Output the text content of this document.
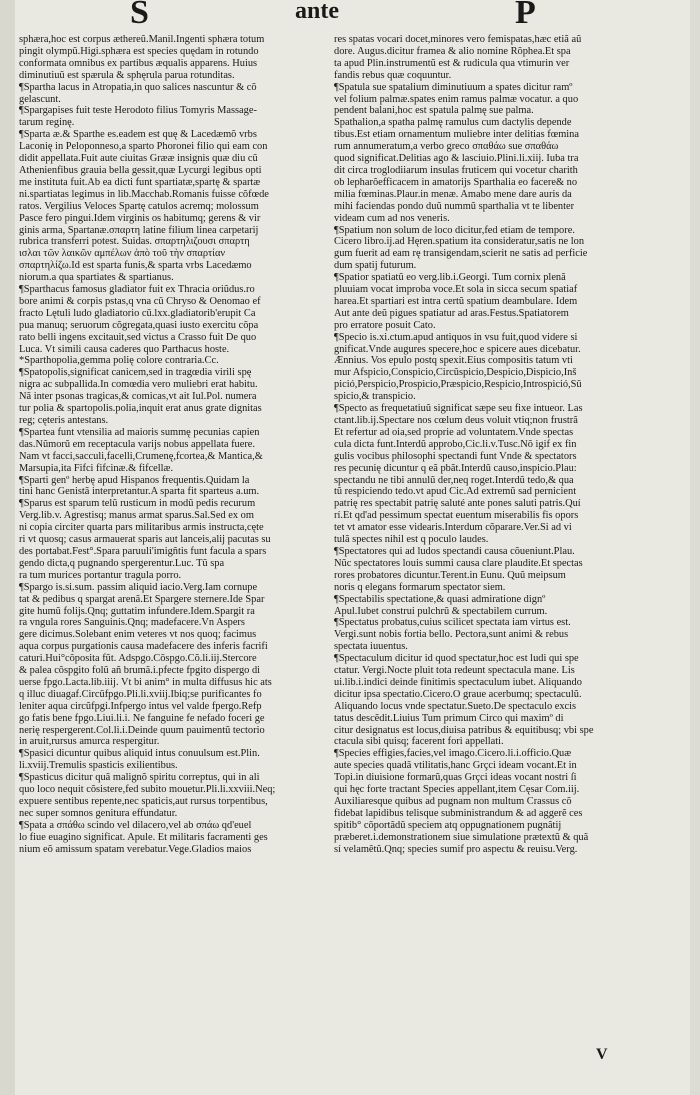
S	ante	P
sphæra,hoc est corpus æthereũ.Manil.Ingenti sphæra totum
pingit olympũ.Higi.sphæra est species quędam in rotundo
conformata omnibus ex partibus æqualis apparens. Huius
diminutiuũ est spærula & sphęrula parua rotunditas.
¶Spartha lacus in Atropatia,in quo salices nascuntur & cõ
gelascunt.
¶Spargapises fuit teste Herodoto filius Tomyris Massage-
tarum reginę.
¶Sparta æ.& Sparthe es.eadem est quę & Lacedæmõ vrbs
Laconię in Peloponneso,a sparto Phoronei filio qui eam con
didit appellata.Fuit aute ciuitas Grææ insignis quæ diu cũ
Athenienfibus grauia bella gessit,quæ Lycurgi legibus opti
me instituta fuit.Ab ea dicti funt spartiatæ,spartę & spartæ
ni.spartiatas legimus in lib.Macchab.Romanis fuisse cõfœde
ratos. Vergilius Veloces Spartę catulos acremq; molossum
Pasce fero pingui.Idem virginis os habitumq; gerens & vir
ginis arma, Spartanæ.σπαρτη latine filium linea carpetarij
rubrica transferri potest. Suidas. σπαρτηλιζουσι σπαρτη
ισλαι τῶν λαικῶν αμπέλων ἀπὸ τοῦ τὴν σπαρτίαν
σπαρτηλίζω.Id est sparta funis,& sparta vrbs Lacedæmo
niorum.a qua spartiates & spartianus.
¶Sparthacus famosus gladiator fuit ex Thracia oriũdus.ro
bore animi & corpis pstas,q vna cũ Chryso & Oenomao ef
fracto Lętuli ludo gladiatorio cũ.lxx.gladiatorib'erupit Ca
pua manuq; seruorum cõgregata,quasi iusto exercitu cõpa
rato belli ingens excitauit,sed victus a Crasso fuit De quo
Luca. Vt simili causa caderes quo Parthacus hoste.
*Sparthopolia,gemma polię colore contraria.Cc.
¶Spatopolis,significat canicem,sed in tragœdia virili spę
nigra ac subpallida.In comœdia vero muliebri erat habitu.
Nã inter psonas tragicas,& comicas,vt ait Iul.Pol. numera
tur polia & spartopolis.polia,inquit erat anus grate dignitas
reg; cęteris antestans.
¶Spartea funt vtensilia ad maioris summę pecunias capien
das.Nũmorũ em receptacula varijs nobus appellata fuere.
Nam vt facci,sacculi,facelli,Crumenę,fcortea,& Mantica,&
Marsupia,ita Fifci fifcinæ.& fifcellæ.
¶Sparti genº herbę apud Hispanos frequentis.Quidam la
tini hanc Genistã interpretantur.A sparta fit sparteus a.um.
¶Sparus est sparum telũ rusticum in modũ pedis recurum
Verg.lib.v. Agrestisq; manus armat sparus.Sal.Sed ex om
ni copia circiter quarta pars militaribus armis instructa,cęte
ri vt quosq; casus armauerat sparis aut lanceis,alij pacutas su
des portabat.Fest°.Spara paruuli'imigñtis funt facula a spars
gendo dicta,q pugnando spergerentur.Luc. Tũ spa
ra tum murices portantur tragula porro.
¶Spargo is.si.sum. passim aliquid iacio.Verg.Iam cornupe
tat & pedibus q spargat arenã.Et Spargere sternere.Ide Spar
gite humũ folijs.Qnq; guttatim infundere.Idem.Spargit ra
ra vngula rores Sanguinis.Qnq; madefacere.Vn Aspers
gere dicimus.Solebant enim veteres vt nos quoq; facimus
aqua corpus purgationis causa madefacere des inferis facrifi
caturi.Hui°cõposita fũt. Adspgo.Cõspgo.Cõ.li.iij.Stercore
& palea cõspgito folũ añ brumã.i.pfecte fpgito dispergo di
uerse fpgo.Lacta.lib.iiij. Vt bi anim° in multa diffusus hic ats
q illuc diuagaf.Circũfpgo.Pli.li.xviij.Ibiq;se purificantes fo
leniter aqua circũfpgi.Infpergo intus vel valde fpergo.Refp
go fatis bene fpgo.Liui.li.i. Ne fanguine fe nefado foceri ge
nerię respergerent.Col.li.i.Deinde quum pauimentũ tectorio
in aruit,rursus amurca respergitur.
¶Spasici dicuntur quibus aliquid intus conuulsum est.Plin.
li.xviij.Tremulis spasticis exilientibus.
¶Spasticus dicitur quã malignõ spiritu correptus, qui in ali
quo loco nequit cõsistere,fed subito mouetur.Pli.li.xxviii.Neq;
expuere sentibus repente,nec spaticis,aut rursus torpentibus,
nec super somnos genitura effundatur.
¶Spata a σπάθω scindo vel dilacero,vel ab σπάω qd'euel
lo fiue euagino significat. Apule. Et militaris facramenti ges
nium eõ amissum spatam verebatur.Vege.Gladios maios
res spatas vocari docet,minores vero femispatas,hæc etiã aũ
dore. Augus.dicitur framea & alio nomine Rõphea.Et spa
ta apud Plin.instrumentũ est & rudicula qua vtimurin ver
fandis rebus quæ coquuntur.
¶Spatula sue spatalium diminutiuum a spates dicitur ramº
vel folium palmæ.spates enim ramus palmæ vocatur. a quo
pendent balani,hoc est spatula palmę sue palma.
Spathalion,a spatha palmę ramulus cum dactylis depende
tibus.Est etiam ornamentum muliebre inter delitias fœmina
rum annumeratum,a verbo greco σπαθάω sue σπαθάω
quod significat.Delitias ago & lasciuio.Plini.li.xiij. Iuba tra
dit circa troglodiiarum insulas fruticem qui vocetur charith
ob lepharõefficacem in amatorijs Sparthalia eo facere& no
milia fœminas.Plaur.in menæ. Amabo mene dare auris da
mihi faciendas pondo duũ nummũ sparthalia vt te libenter
videam cum ad nos veneris.
¶Spatium non solum de loco dicitur,fed etiam de tempore.
Cicero libro.ij.ad Hęren.spatium ita consideratur,satis ne lon
gum fuerit ad eam rę transigendam,scierit ne satis ad perficie
dum spatij futurum.
¶Spatior spatiatũ eo verg.lib.i.Georgi. Tum cornix plenã
pluuiam vocat improba voce.Et sola in sicca secum spatiaf
harea.Et spartiari est intra certũ spatium deambulare. Idem
Aut ante deũ pigues spatiatur ad aras.Festus.Spatiatorem
pro erratore posuit Cato.
¶Specio is.xi.ctum.apud antiquos in vsu fuit,quod videre si
gnificat.Vnde augures specere,hoc e spicere aues dicebatur.
Ænnius. Vos epulo postq spexit.Eius compositis tatum vti
mur Afspicio,Conspicio,Circũspicio,Despicio,Dispicio,Inš
pició,Perspicio,Prospicio,Præspicio,Respicio,Introspició,Sũ
spicio,& transpicio.
¶Specto as frequetatiuũ significat sæpe seu fixe intueor. Las
ctant.lib.ij.Spectare nos cœlum deus voluit vtiq;non frustrã
Et refertur ad oia,sed proprie ad voluntatem.Vnde spectas
cula dicta funt.Interdũ approbo,Cic.li.v.Tusc.Nõ igif ex fin
gulis vocibus philosophi spectandi funt Vnde & spectators
res pecunię dicuntur q eã pbãt.Interdũ causo,inspicio.Plau:
spectandu ne tibi annulũ der,neq roget.Interdũ tedo,& qua
tũ respiciendo tedo.vt apud Cic.Ad extremũ sad pernicient
patrię res spectabit patrię saluté ante pones saluti patris.Quí
rí.Et qd'ad pessimum spectat euentum miserabilis fis opors
tet vt amator esse videaris.Interdum cõparare.Ver.Si ad vi
tulã spectes nihil est q poculo laudes.
¶Spectatores qui ad ludos spectandi causa cõueniunt.Plau.
Nũc spectatores louis summi causa clare plaudite.Et spectas
rores probatores dicuntur.Terent.in Eunu. Quũ meipsum
noris q elegans formarum spectator siem.
¶Spectabilis spectatione,& quasi admiratione dignº
Apul.Iubet construi pulchrũ & spectabilem currum.
¶Spectatus probatus,cuius scilicet spectata iam virtus est.
Vergi.sunt nobis fortia bello. Pectora,sunt animi & rebus
spectata iuuentus.
¶Spectaculum dicitur id quod spectatur,hoc est ludi qui spe
ctatur. Vergi.Nocte pluit tota redeunt spectacula mane. Lis
ui.lib.i.indici deinde finitimis spectaculum iubet. Aliquando
dicitur ipsa spectatio.Cicero.O graue acerbumq; spectaculũ.
Aliquando locus vnde spectatur.Sueto.De spectaculo excis
tatus descẽdit.Liuius Tum primum Circo qui maximº di
citur designatus est locus,diuisa patribus & equitibusq; vbi spe
ctacula sibi quisq; facerent fori appellati.
¶Species effigies,facies,vel imago.Cicero.li.i.officio.Quæ
aute species quadã vtilitatis,hanc Grçci ideam vocant.Et in
Topi.in diuisione formarũ,quas Grçci ideas vocant nostri ſi
qui hęc forte tractant Species appellant,item Cęsar Com.iij.
Auxiliaresque quibus ad pugnam non multum Crassus cõ
fidebat lapidibus telisque subministrandum & ad aggerẽ ces
spitib° cõportãdũ speciem atq oppugnationem pugnãtij
præberet.i.demonstrationem siue simulatione prætextũ & quã
sí velamẽtũ.Qnq; species sumif pro aspectu & reuisu.Verg.
V
